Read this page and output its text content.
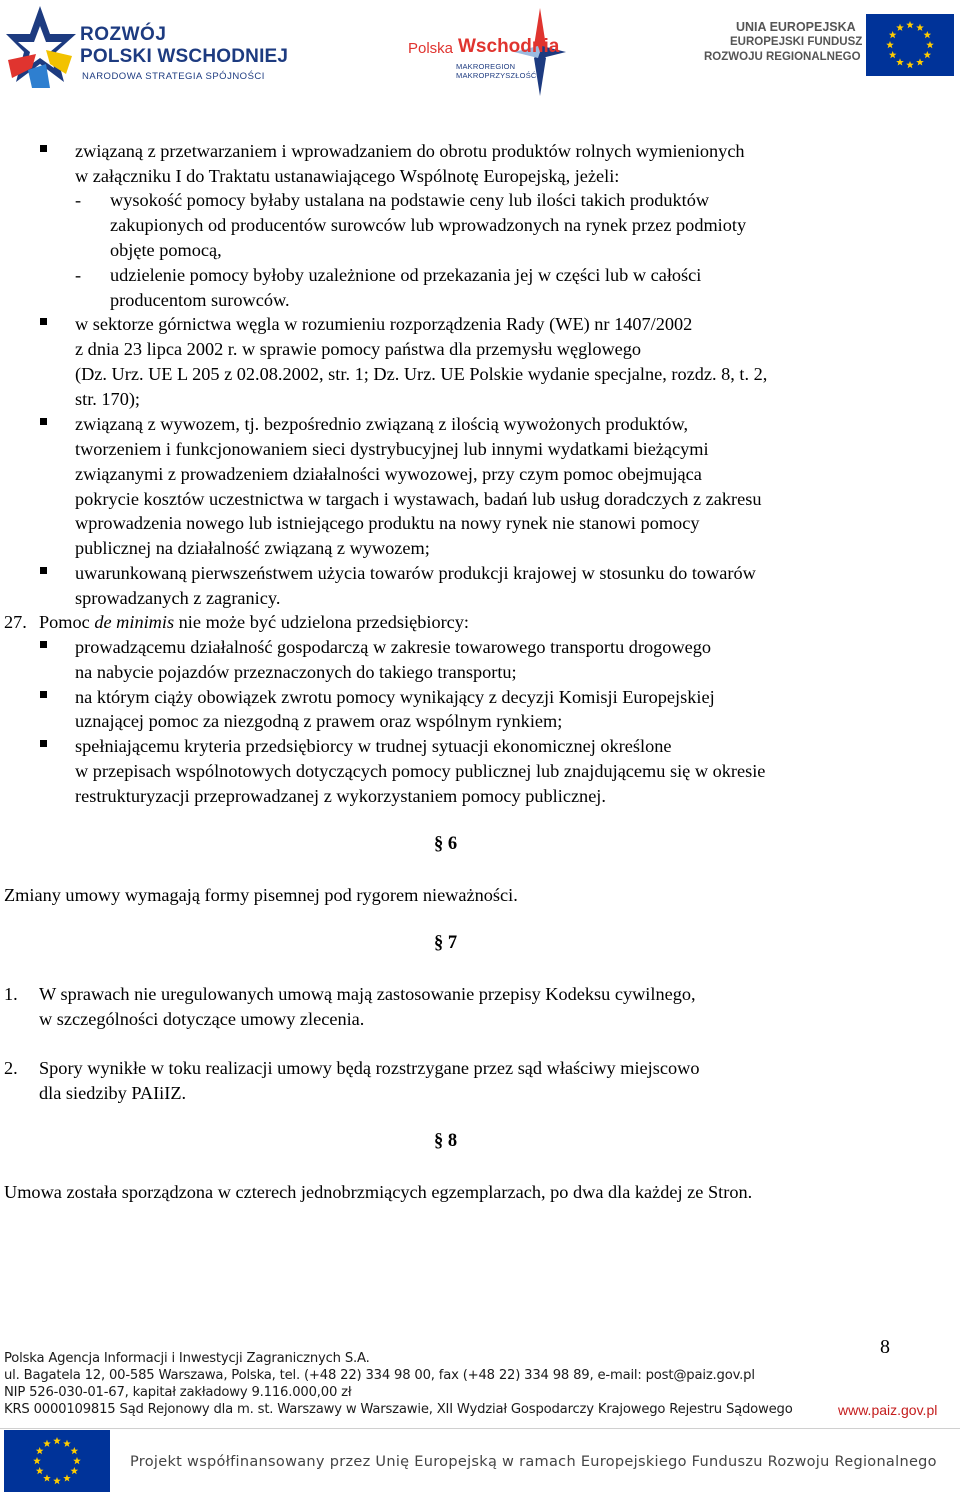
ROZWÓJ
POLSKI WSCHODNIEJ
NARODOWA STRATEGIA SPÓJNOŚCI
Polska Wschodnia
MAKROREGION MAKROPRZYSZŁOŚĆ
UNIA EUROPEJSKA
EUROPEJSKI FUNDUSZ
ROZWOJU REGIONALNEGO
związaną z przetwarzaniem i wprowadzaniem do obrotu produktów rolnych wymienionych
w załączniku I do Traktatu ustanawiającego Wspólnotę Europejską, jeżeli:
- wysokość pomocy byłaby ustalana na podstawie ceny lub ilości takich produktów
zakupionych od producentów surowców lub wprowadzonych na rynek przez podmioty
objęte pomocą,
- udzielenie pomocy byłoby uzależnione od przekazania jej w części lub w całości
producentom surowców.
w sektorze górnictwa węgla w rozumieniu rozporządzenia Rady (WE) nr 1407/2002
z dnia 23 lipca 2002 r. w sprawie pomocy państwa dla przemysłu węglowego
(Dz. Urz. UE L 205 z 02.08.2002, str. 1; Dz. Urz. UE Polskie wydanie specjalne, rozdz. 8, t. 2,
str. 170);
związaną z wywozem, tj. bezpośrednio związaną z ilością wywożonych produktów,
tworzeniem i funkcjonowaniem sieci dystrybucyjnej lub innymi wydatkami bieżącymi
związanymi z prowadzeniem działalności wywozowej, przy czym pomoc obejmująca
pokrycie kosztów uczestnictwa w targach i wystawach, badań lub usług doradczych z zakresu
wprowadzenia nowego lub istniejącego produktu na nowy rynek nie stanowi pomocy
publicznej na działalność związaną z wywozem;
uwarunkowaną pierwszeństwem użycia towarów produkcji krajowej w stosunku do towarów
sprowadzanych z zagranicy.
27. Pomoc de minimis nie może być udzielona przedsiębiorcy:
prowadzącemu działalność gospodarczą w zakresie towarowego transportu drogowego
na nabycie pojazdów przeznaczonych do takiego transportu;
na którym ciąży obowiązek zwrotu pomocy wynikający z decyzji Komisji Europejskiej
uznającej pomoc za niezgodną z prawem oraz wspólnym rynkiem;
spełniającemu kryteria przedsiębiorcy w trudnej sytuacji ekonomicznej określone
w przepisach wspólnotowych dotyczących pomocy publicznej lub znajdującemu się w okresie
restrukturyzacji przeprowadzanej z wykorzystaniem pomocy publicznej.
§ 6
Zmiany umowy wymagają formy pisemnej pod rygorem nieważności.
§ 7
1. W sprawach nie uregulowanych umową mają zastosowanie przepisy Kodeksu cywilnego,
w szczególności dotyczące umowy zlecenia.
2. Spory wynikłe w toku realizacji umowy będą rozstrzygane przez sąd właściwy miejscowo
dla siedziby PAIiIZ.
§ 8
Umowa została sporządzona w czterech jednobrzmiących egzemplarzach, po dwa dla każdej ze Stron.
8
Polska Agencja Informacji i Inwestycji Zagranicznych S.A.
ul. Bagatela 12, 00-585 Warszawa, Polska, tel. (+48 22) 334 98 00, fax (+48 22) 334 98 89, e-mail: post@paiz.gov.pl
NIP 526-030-01-67, kapitał zakładowy 9.116.000,00 zł
KRS 0000109815 Sąd Rejonowy dla m. st. Warszawy w Warszawie, XII Wydział Gospodarczy Krajowego Rejestru Sądowego	www.paiz.gov.pl
Projekt współfinansowany przez Unię Europejską w ramach Europejskiego Funduszu Rozwoju Regionalnego
